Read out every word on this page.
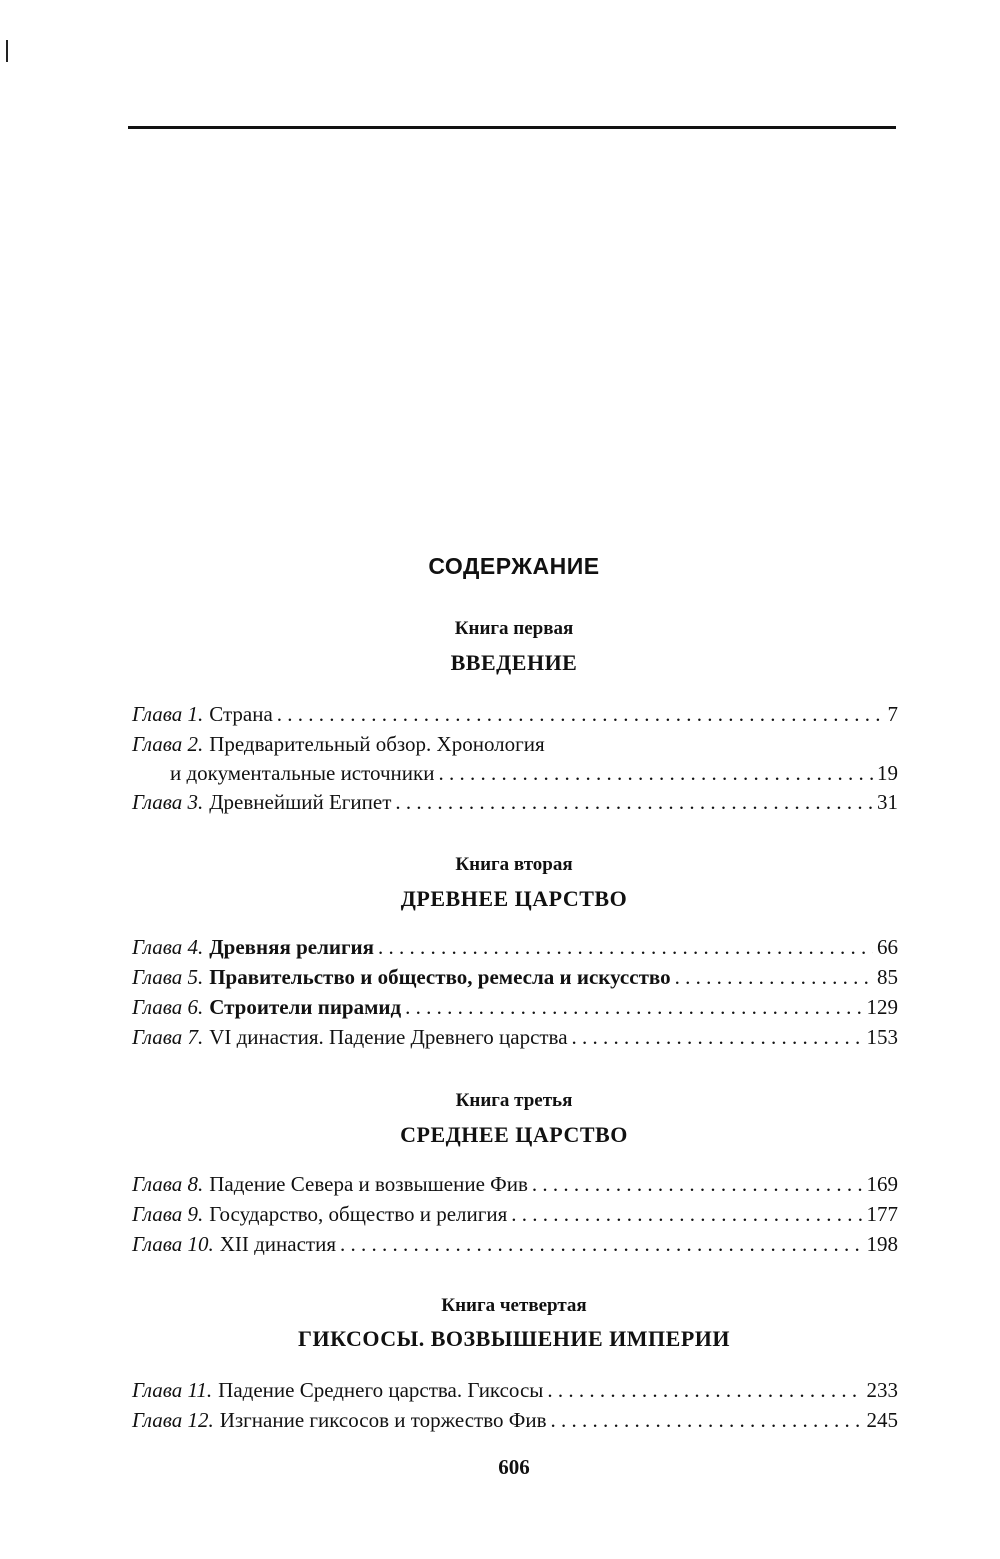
СОДЕРЖАНИЕ
Книга первая
ВВЕДЕНИЕ
Глава 1. Страна . . .	7
Глава 2. Предварительный обзор. Хронология
и документальные источники . . .	19
Глава 3. Древнейший Египет . . .	31
Книга вторая
ДРЕВНЕЕ ЦАРСТВО
Глава 4. Древняя религия . . .	66
Глава 5. Правительство и общество, ремесла и искусство . . .	85
Глава 6. Строители пирамид . . .	129
Глава 7. VI династия. Падение Древнего царства . . .	153
Книга третья
СРЕДНЕЕ ЦАРСТВО
Глава 8. Падение Севера и возвышение Фив . . .	169
Глава 9. Государство, общество и религия . . .	177
Глава 10. XII династия . . .	198
Книга четвертая
ГИКСОСЫ. ВОЗВЫШЕНИЕ ИМПЕРИИ
Глава 11. Падение Среднего царства. Гиксосы . . .	233
Глава 12. Изгнание гиксосов и торжество Фив . . .	245
606
